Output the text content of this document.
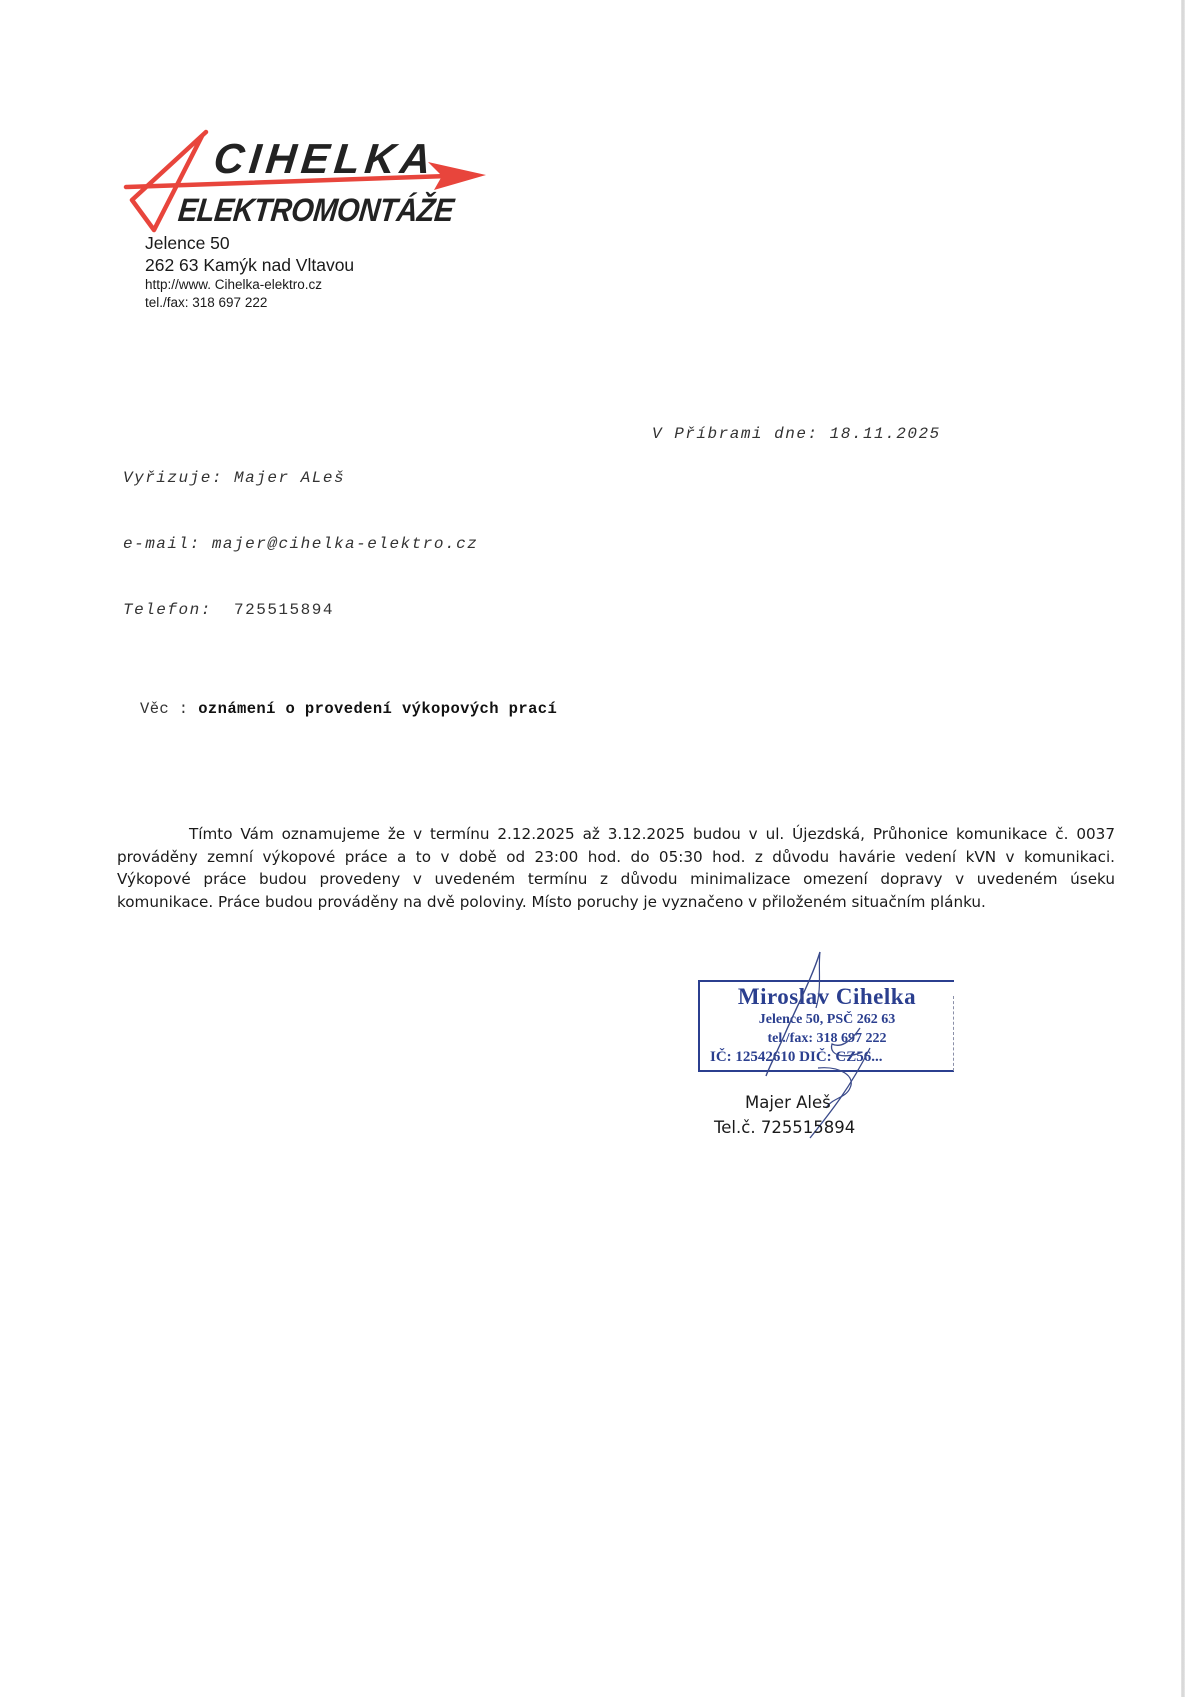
CIHELKA
ELEKTROMONTÁŽE
Jelence 50
262 63 Kamýk nad Vltavou
http://www. Cihelka-elektro.cz
tel./fax: 318 697 222

Vyřizuje: Majer ALeš

e-mail: majer@cihelka-elektro.cz

Telefon: 725515894

V Příbrami dne: 18.11.2025
Věc : oznámení o provedení výkopových prací
Tímto Vám oznamujeme že v termínu 2.12.2025 až 3.12.2025 budou v ul. Újezdská, Průhonice komunikace č. 0037
prováděny zemní výkopové práce a to v době od 23:00 hod. do 05:30 hod. z důvodu havárie vedení kVN v komunikaci.
Výkopové práce budou provedeny v uvedeném termínu z důvodu minimalizace omezení dopravy v uvedeném úseku
komunikace. Práce budou prováděny na dvě poloviny. Místo poruchy je vyznačeno v přiloženém situačním plánku.
Miroslav Cihelka
Jelence 50, PSČ 262 63
tel./fax: 318 697 222
IČ: 12542610 DIČ: CZ56...
Majer Aleš
Tel.č. 725515894
